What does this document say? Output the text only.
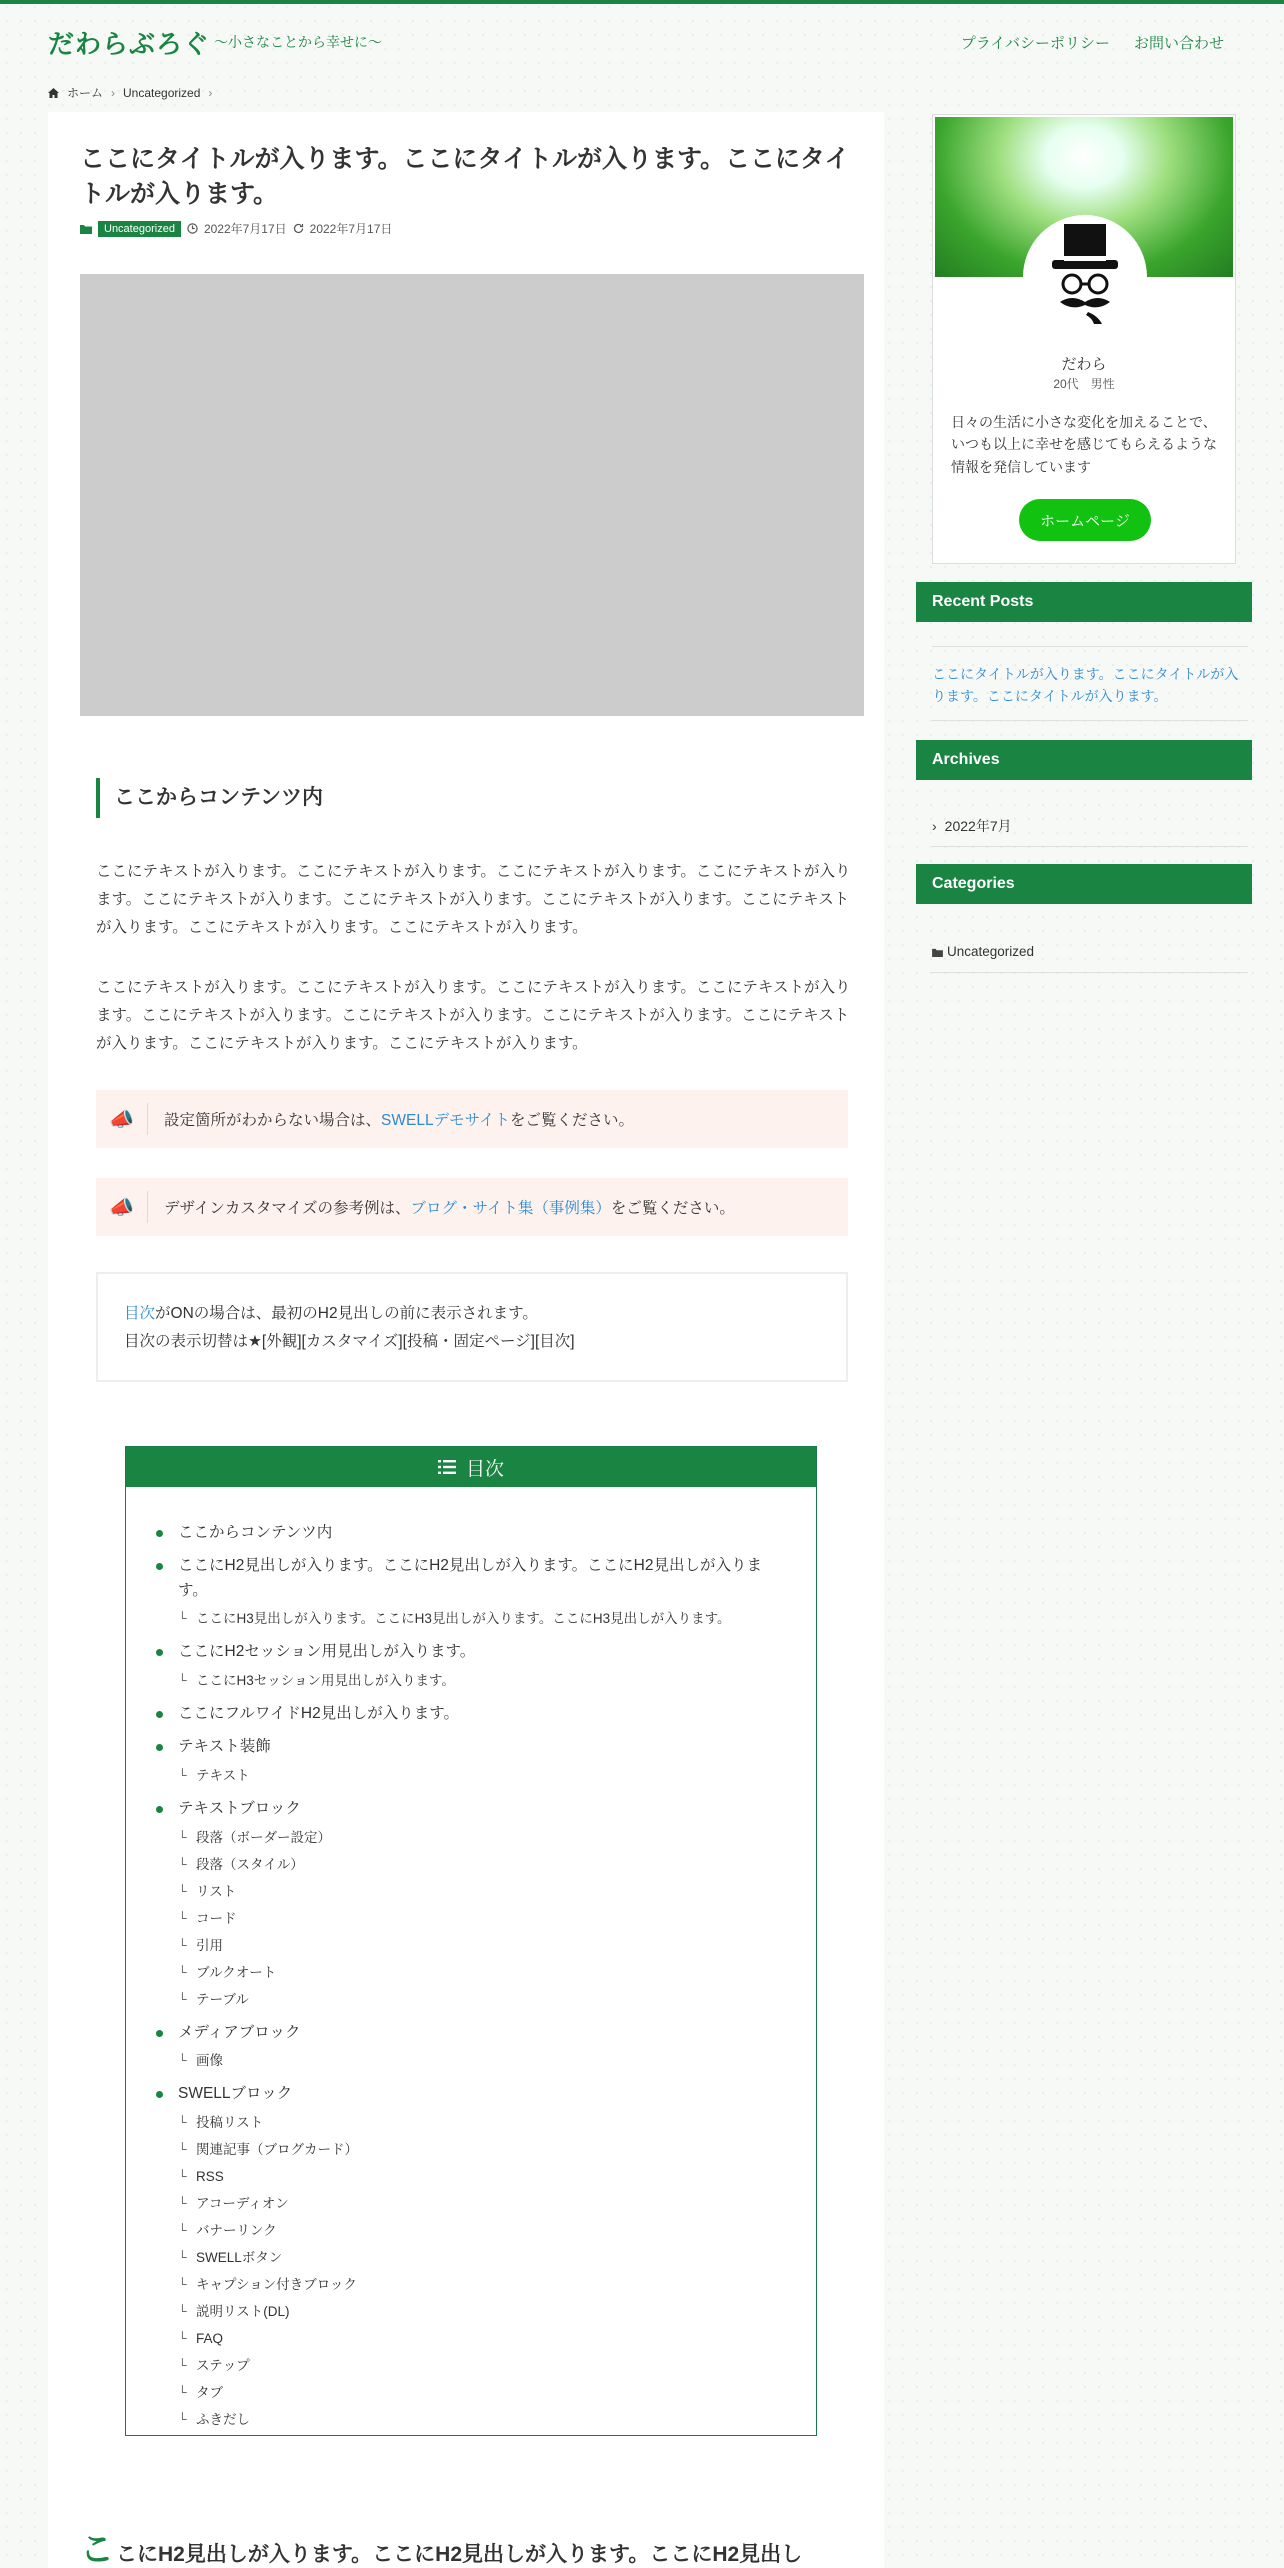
だわらぶろぐ ～小さなことから幸せに～	プライバシーポリシー お問い合わせ
ホーム › Uncategorized ›
ここにタイトルが入ります。ここにタイトルが入ります。ここにタイトルが入ります。
Uncategorized	2022年7月17日 2022年7月17日
ここからコンテンツ内

ここにテキストが入ります。ここにテキストが入ります。ここにテキストが入ります。ここにテキストが入ります。ここにテキストが入ります。ここにテキストが入ります。ここにテキストが入ります。ここにテキストが入ります。ここにテキストが入ります。ここにテキストが入ります。

ここにテキストが入ります。ここにテキストが入ります。ここにテキストが入ります。ここにテキストが入ります。ここにテキストが入ります。ここにテキストが入ります。ここにテキストが入ります。ここにテキストが入ります。ここにテキストが入ります。ここにテキストが入ります。

📣	設定箇所がわからない場合は、SWELLデモサイトをご覧ください。
📣	デザインカスタマイズの参考例は、ブログ・サイト集（事例集）をご覧ください。
目次がONの場合は、最初のH2見出しの前に表示されます。
目次の表示切替は★[外観][カスタマイズ][投稿・固定ページ][目次]
目次
ここからコンテンツ内
ここにH2見出しが入ります。ここにH2見出しが入ります。ここにH2見出しが入ります。
└ ここにH3見出しが入ります。ここにH3見出しが入ります。ここにH3見出しが入ります。
ここにH2セッション用見出しが入ります。
└ ここにH3セッション用見出しが入ります。
ここにフルワイドH2見出しが入ります。
テキスト装飾
└ テキスト
テキストブロック
└ 段落（ボーダー設定）
└ 段落（スタイル）
└ リスト
└ コード
└ 引用
└ ブルクオート
└ テーブル
メディアブロック
└ 画像
SWELLブロック
└ 投稿リスト
└ 関連記事（ブログカード）
└ RSS
└ アコーディオン
└ バナーリンク
└ SWELLボタン
└ キャプション付きブロック
└ 説明リスト(DL)
└ FAQ
└ ステップ
└ タブ
└ ふきだし
こ こにH2見出しが入ります。ここにH2見出しが入ります。ここにH2見出し
だわら
20代　男性

日々の生活に小さな変化を加えることで、いつも以上に幸せを感じてもらえるような情報を発信しています

ホームページ
Recent Posts
ここにタイトルが入ります。ここにタイトルが入ります。ここにタイトルが入ります。
Archives
› 2022年7月
Categories
Uncategorized
